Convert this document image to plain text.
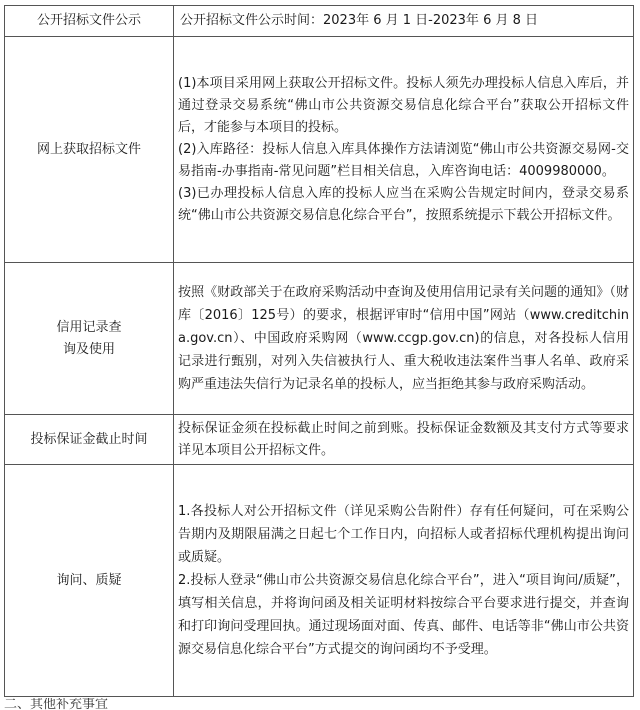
公开招标文件公示	公开招标文件公示时间：2023年 6 月 1 日-2023年 6 月 8 日
网上获取招标文件	(1)本项目采用网上获取公开招标文件。投标人须先办理投标人信息入库后，并通过登录交易系统“佛山市公共资源交易信息化综合平台”获取公开招标文件后，才能参与本项目的投标。

(2)入库路径：投标人信息入库具体操作方法请浏览“佛山市公共资源交易网-交易指南-办事指南-常见问题”栏目相关信息，入库咨询电话：4009980000。

(3)已办理投标人信息入库的投标人应当在采购公告规定时间内，登录交易系统“佛山市公共资源交易信息化综合平台”，按照系统提示下载公开招标文件。

信用记录查
询及使用	按照《财政部关于在政府采购活动中查询及使用信用记录有关问题的通知》（财库〔2016〕125号）的要求，根据评审时“信用中国”网站（www.creditchina.gov.cn）、中国政府采购网（www.ccgp.gov.cn)的信息，对各投标人信用记录进行甄别，对列入失信被执行人、重大税收违法案件当事人名单、政府采购严重违法失信行为记录名单的投标人，应当拒绝其参与政府采购活动。

投标保证金截止时间	投标保证金须在投标截止时间之前到账。投标保证金数额及其支付方式等要求详见本项目公开招标文件。

询问、质疑	1.各投标人对公开招标文件（详见采购公告附件）存有任何疑问，可在采购公告期内及期限届满之日起七个工作日内，向招标人或者招标代理机构提出询问或质疑。

2.投标人登录“佛山市公共资源交易信息化综合平台”，进入“项目询问/质疑”，填写相关信息，并将询问函及相关证明材料按综合平台要求进行提交，并查询和打印询问受理回执。通过现场面对面、传真、邮件、电话等非“佛山市公共资源交易信息化综合平台”方式提交的询问函均不予受理。

二、其他补充事宜
